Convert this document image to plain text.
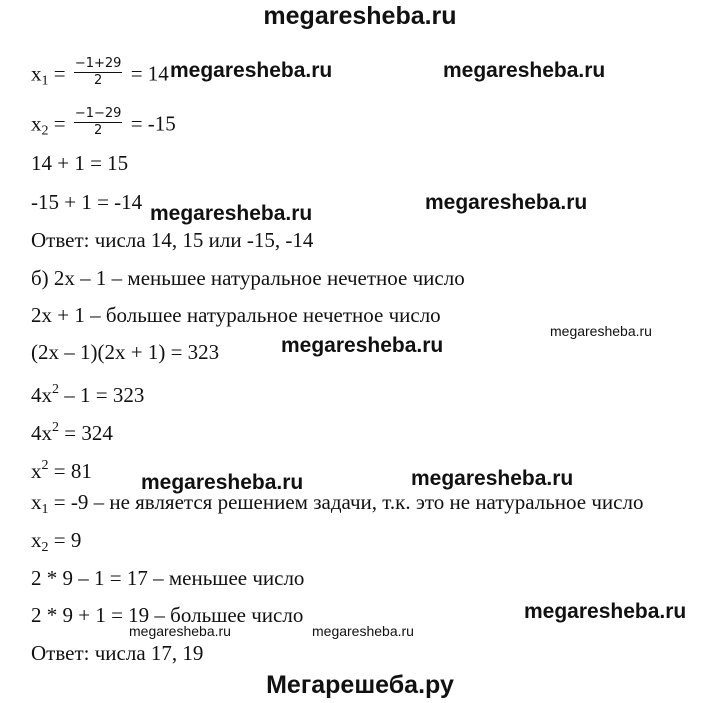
megaresheba.ru
$x_1 = \frac{-1+29}{2} = 14$
$x_2 = \frac{-1-29}{2} = -15$
14 + 1 = 15
-15 + 1 = -14
Ответ: числа 14, 15 или -15, -14
б) 2х – 1 – меньшее натуральное нечетное число
2х + 1 – большее натуральное нечетное число
(2х – 1)(2х + 1) = 323
$4х^2 - 1 = 323$
$4х^2 = 324$
$х^2 = 81$
$х_1 = -9$ – не является решением задачи, т.к. это не натуральное число
$х_2 = 9$
2 * 9 – 1 = 17 – меньшее число
2 * 9 + 1 = 19 – большее число
Ответ: числа 17, 19
megaresheba.ru	megaresheba.ru
megaresheba.ru	megaresheba.ru
megaresheba.ru
megaresheba.ru
megaresheba.ru	megaresheba.ru
megaresheba.ru
megaresheba.ru	megaresheba.ru
Мегарешеба.ру
